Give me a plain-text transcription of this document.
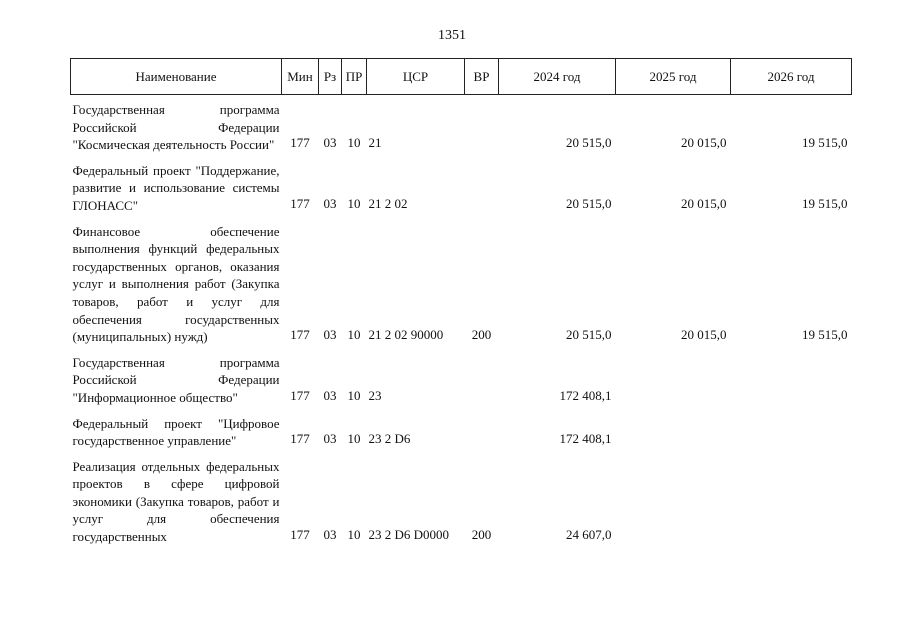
1351
Наименование	Мин	Рз	ПР	ЦСР	ВР	2024 год	2025 год	2026 год
Государственная программа Российской Федерации "Космическая деятельность России"	177	03	10	21		20 515,0	20 015,0	19 515,0
Федеральный проект "Поддержание, развитие и использование системы ГЛОНАСС"	177	03	10	21 2 02		20 515,0	20 015,0	19 515,0
Финансовое обеспечение выполнения функций федеральных государственных органов, оказания услуг и выполнения работ (Закупка товаров, работ и услуг для обеспечения государственных (муниципальных) нужд)	177	03	10	21 2 02 90000	200	20 515,0	20 015,0	19 515,0
Государственная программа Российской Федерации "Информационное общество"	177	03	10	23		172 408,1		
Федеральный проект "Цифровое государственное управление"	177	03	10	23 2 D6		172 408,1		
Реализация отдельных федеральных проектов в сфере цифровой экономики (Закупка товаров, работ и услуг для обеспечения государственных	177	03	10	23 2 D6 D0000	200	24 607,0		
